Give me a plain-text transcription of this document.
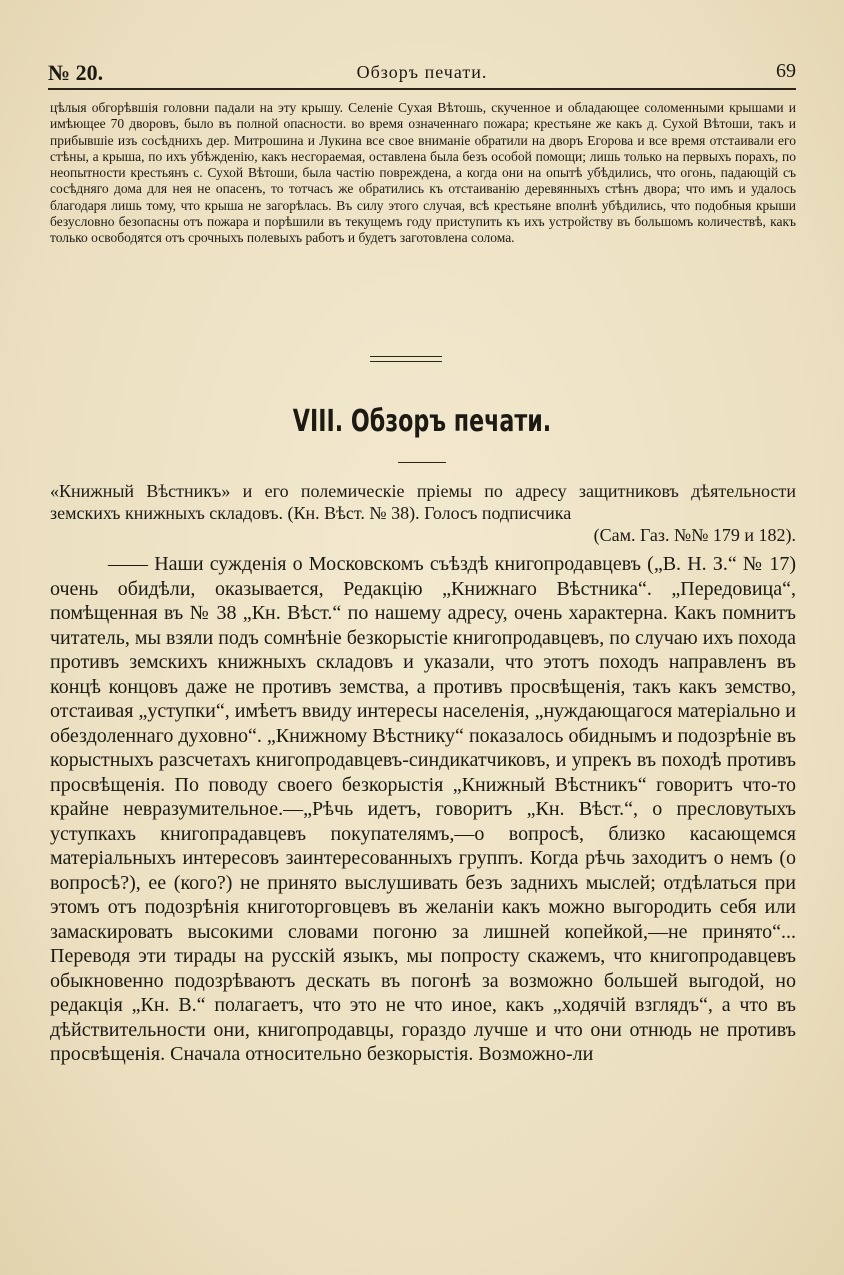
№ 20.	Обзоръ печати.	69

цѣлыя обгорѣвшія головни падали на эту крышу. Селеніе Сухая Вѣтошь, скученное и обладающее соломенными крышами и имѣющее 70 дворовъ, было въ полной опасности. во время означеннаго пожара; крестьяне же какъ д. Сухой Вѣтоши, такъ и прибывшіе изъ сосѣднихъ дер. Митрошина и Лукина все свое вниманіе обратили на дворъ Егорова и все время отстаивали его стѣны, а крыша, по ихъ убѣжденію, какъ несгораемая, оставлена была безъ особой помощи; лишь только на первыхъ порахъ, по неопытности крестьянъ с. Сухой Вѣтоши, была частію повреждена, а когда они на опытѣ убѣдились, что огонь, падающій съ сосѣдняго дома для нея не опасенъ, то тотчасъ же обратились къ отстаиванію деревянныхъ стѣнъ двора; что имъ и удалось благодаря лишь тому, что крыша не загорѣлась. Въ силу этого случая, всѣ крестьяне вполнѣ убѣдились, что подобныя крыши безусловно безопасны отъ пожара и порѣшили въ текущемъ году приступить къ ихъ устройству въ большомъ количествѣ, какъ только освободятся отъ срочныхъ полевыхъ работъ и будетъ заготовлена солома.

VIII. Обзоръ печати.
«Книжный Вѣстникъ» и его полемическіе пріемы по адресу защитниковъ дѣятельности земскихъ книжныхъ складовъ. (Кн. Вѣст. № 38). Голосъ подписчика
(Сам. Газ. №№ 179 и 182).

—— Наши сужденія о Московскомъ съѣздѣ книгопродавцевъ („В. Н. З.“ № 17) очень обидѣли, оказывается, Редакцію „Книжнаго Вѣстника“. „Передовица“, помѣщенная въ № 38 „Кн. Вѣст.“ по нашему адресу, очень характерна. Какъ помнитъ читатель, мы взяли подъ сомнѣніе безкорыстіе книгопродавцевъ, по случаю ихъ похода противъ земскихъ книжныхъ складовъ и указали, что этотъ походъ направленъ въ концѣ концовъ даже не противъ земства, а противъ просвѣщенія, такъ какъ земство, отстаивая „уступки“, имѣетъ ввиду интересы населенія, „нуждающагося матеріально и обездоленнаго духовно“. „Книжному Вѣстнику“ показалось обиднымъ и подозрѣніе въ корыстныхъ разсчетахъ книгопродавцевъ-синдикатчиковъ, и упрекъ въ походѣ противъ просвѣщенія. По поводу своего безкорыстія „Книжный Вѣстникъ“ говоритъ что-то крайне невразумительное.—„Рѣчь идетъ, говоритъ „Кн. Вѣст.“, о пресловутыхъ уступкахъ книгопрадавцевъ покупателямъ,—о вопросѣ, близко касающемся матеріальныхъ интересовъ заинтересованныхъ группъ. Когда рѣчь заходитъ о немъ (о вопросѣ?), ее (кого?) не принято выслушивать безъ заднихъ мыслей; отдѣлаться при этомъ отъ подозрѣнія книготорговцевъ въ желаніи какъ можно выгородить себя или замаскировать высокими словами погоню за лишней копейкой,—не принято“... Переводя эти тирады на русскій языкъ, мы попросту скажемъ, что книгопродавцевъ обыкновенно подозрѣваютъ дескать въ погонѣ за возможно большей выгодой, но редакція „Кн. В.“ полагаетъ, что это не что иное, какъ „ходячій взглядъ“, а что въ дѣйствительности они, книгопродавцы, гораздо лучше и что они отнюдь не противъ просвѣщенія. Сначала относительно безкорыстія. Возможно-ли
